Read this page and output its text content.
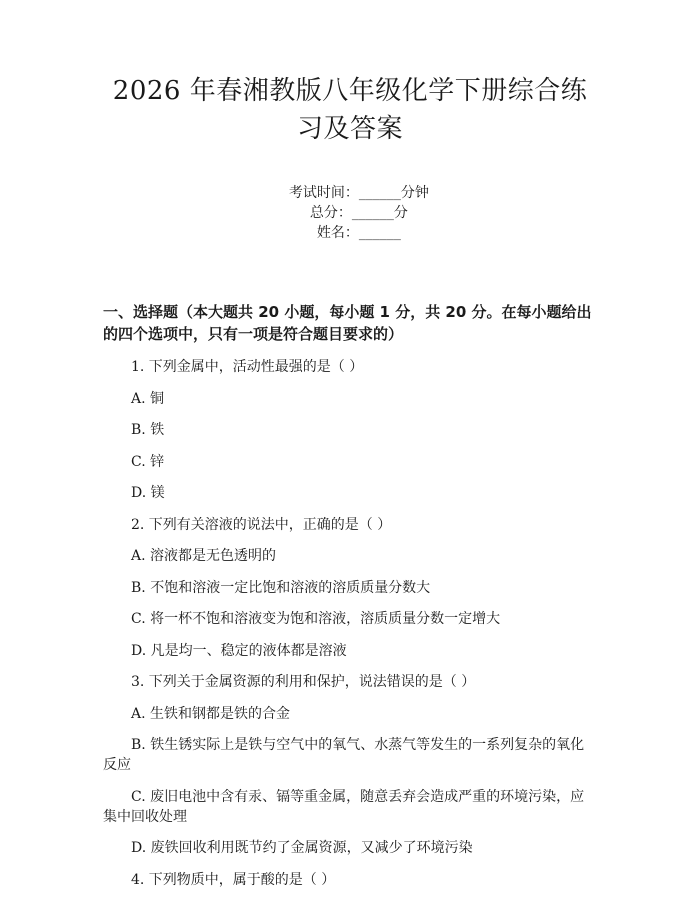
2026 年春湘教版八年级化学下册综合练习及答案

考试时间：______分钟
总分：______分
姓名：______

一、选择题（本大题共 20 小题，每小题 1 分，共 20 分。在每小题给出的四个选项中，只有一项是符合题目要求的）

1. 下列金属中，活动性最强的是（ ）

A. 铜

B. 铁

C. 锌

D. 镁

2. 下列有关溶液的说法中，正确的是（ ）

A. 溶液都是无色透明的

B. 不饱和溶液一定比饱和溶液的溶质质量分数大

C. 将一杯不饱和溶液变为饱和溶液，溶质质量分数一定增大

D. 凡是均一、稳定的液体都是溶液

3. 下列关于金属资源的利用和保护，说法错误的是（ ）

A. 生铁和钢都是铁的合金

B. 铁生锈实际上是铁与空气中的氧气、水蒸气等发生的一系列复杂的氧化反应

C. 废旧电池中含有汞、镉等重金属，随意丢弃会造成严重的环境污染，应集中回收处理

D. 废铁回收利用既节约了金属资源，又减少了环境污染

4. 下列物质中，属于酸的是（ ）
